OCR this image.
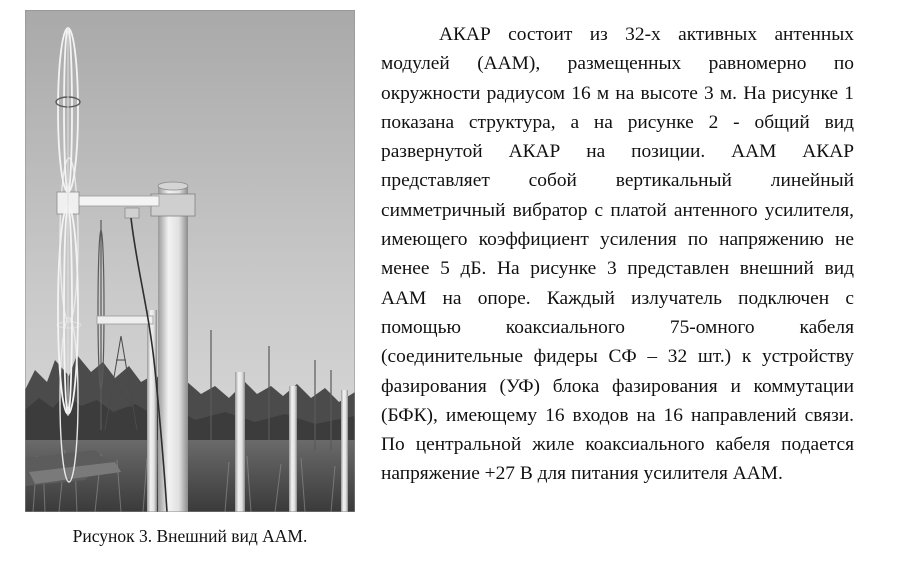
Рисунок 3. Внешний вид ААМ.

АКАР состоит из 32-х активных антенных модулей (ААМ), размещенных равномерно по окружности радиусом 16 м на высоте 3 м. На рисунке 1 показана структура, а на рисунке 2 - общий вид развернутой АКАР на позиции. ААМ АКАР представляет собой вертикальный линейный симметричный вибратор с платой антенного усилителя, имеющего коэффициент усиления по напряжению не менее 5 дБ. На рисунке 3 представлен внешний вид ААМ на опоре. Каждый излучатель подключен с помощью коаксиального 75-омного кабеля (соединительные фидеры СФ – 32 шт.) к устройству фазирования (УФ) блока фазирования и коммутации (БФК), имеющему 16 входов на 16 направлений связи. По центральной жиле коаксиального кабеля подается напряжение +27 В для питания усилителя ААМ.
